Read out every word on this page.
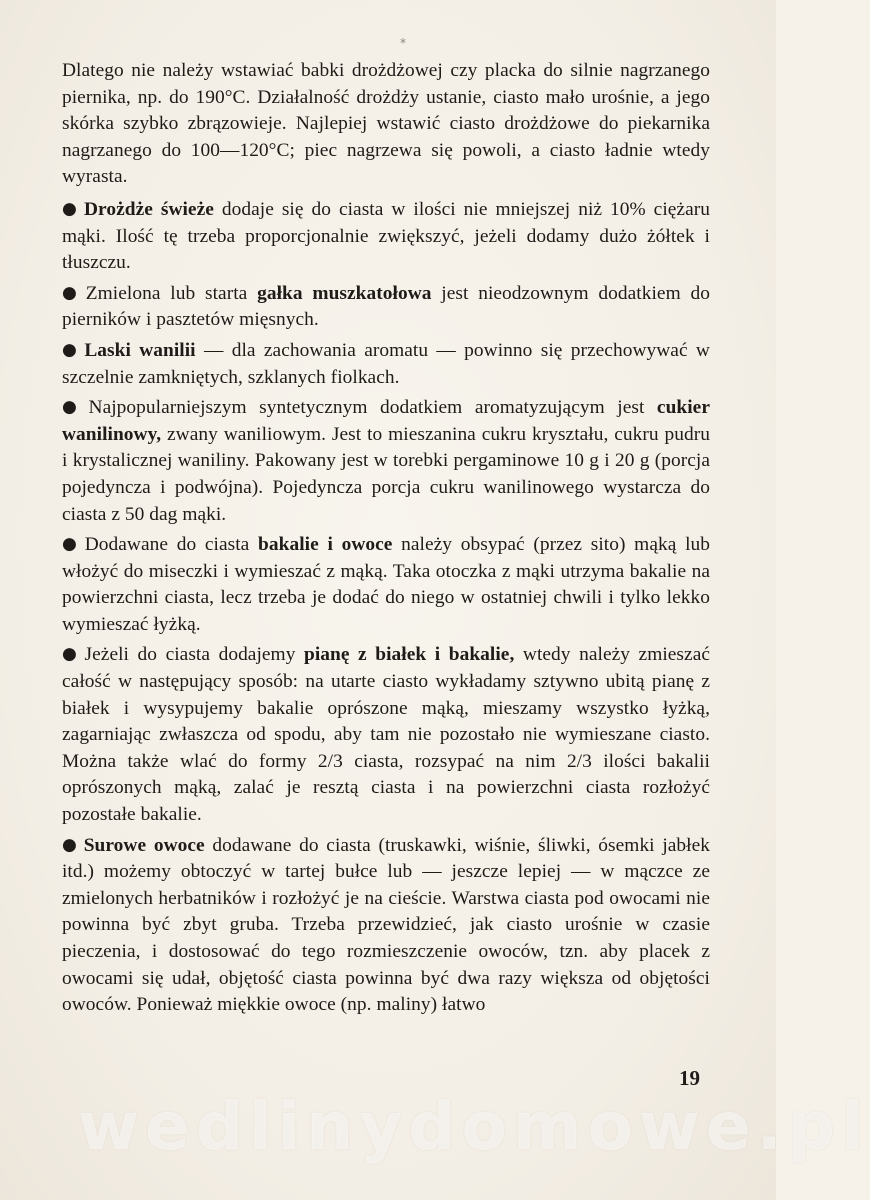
*

Dlatego nie należy wstawiać babki drożdżowej czy placka do silnie nagrzanego piernika, np. do 190°C. Działalność drożdży ustanie, ciasto mało urośnie, a jego skórka szybko zbrązowieje. Najlepiej wstawić ciasto drożdżowe do piekarnika nagrzanego do 100—120°C; piec nagrzewa się powoli, a ciasto ładnie wtedy wyrasta.

● Drożdże świeże dodaje się do ciasta w ilości nie mniejszej niż 10% ciężaru mąki. Ilość tę trzeba proporcjonalnie zwiększyć, jeżeli dodamy dużo żółtek i tłuszczu.

● Zmielona lub starta gałka muszkatołowa jest nieodzownym dodatkiem do pierników i pasztetów mięsnych.

● Laski wanilii — dla zachowania aromatu — powinno się przechowywać w szczelnie zamkniętych, szklanych fiolkach.

● Najpopularniejszym syntetycznym dodatkiem aromatyzującym jest cukier wanilinowy, zwany waniliowym. Jest to mieszanina cukru kryształu, cukru pudru i krystalicznej waniliny. Pakowany jest w torebki pergaminowe 10 g i 20 g (porcja pojedyncza i podwójna). Pojedyncza porcja cukru wanilinowego wystarcza do ciasta z 50 dag mąki.

● Dodawane do ciasta bakalie i owoce należy obsypać (przez sito) mąką lub włożyć do miseczki i wymieszać z mąką. Taka otoczka z mąki utrzyma bakalie na powierzchni ciasta, lecz trzeba je dodać do niego w ostatniej chwili i tylko lekko wymieszać łyżką.

● Jeżeli do ciasta dodajemy pianę z białek i bakalie, wtedy należy zmieszać całość w następujący sposób: na utarte ciasto wykładamy sztywno ubitą pianę z białek i wysypujemy bakalie oprószone mąką, mieszamy wszystko łyżką, zagarniając zwłaszcza od spodu, aby tam nie pozostało nie wymieszane ciasto. Można także wlać do formy 2/3 ciasta, rozsypać na nim 2/3 ilości bakalii oprószonych mąką, zalać je resztą ciasta i na powierzchni ciasta rozłożyć pozostałe bakalie.

● Surowe owoce dodawane do ciasta (truskawki, wiśnie, śliwki, ósemki jabłek itd.) możemy obtoczyć w tartej bułce lub — jeszcze lepiej — w mączce ze zmielonych herbatników i rozłożyć je na cieście. Warstwa ciasta pod owocami nie powinna być zbyt gruba. Trzeba przewidzieć, jak ciasto urośnie w czasie pieczenia, i dostosować do tego rozmieszczenie owoców, tzn. aby placek z owocami się udał, objętość ciasta powinna być dwa razy większa od objętości owoców. Ponieważ miękkie owoce (np. maliny) łatwo

19
wedlinydomowe.pl
